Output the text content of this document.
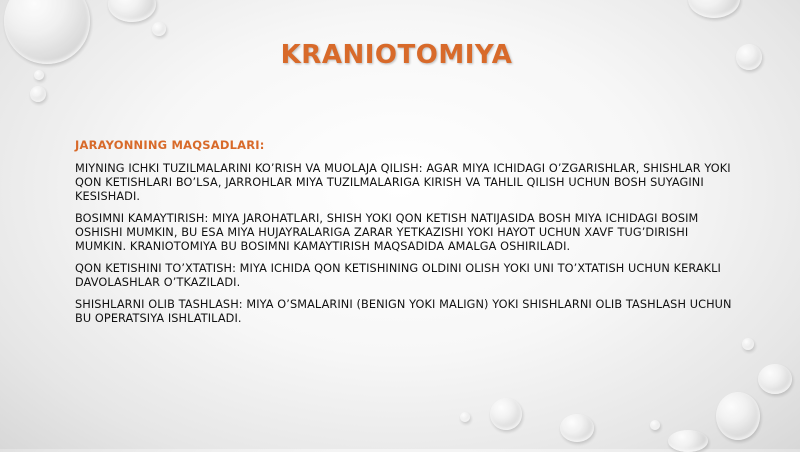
KRANIOTOMIYA

JARAYONNING MAQSADLARI:

MIYNING ICHKI TUZILMALARINI KO’RISH VA MUOLAJA QILISH: AGAR MIYA ICHIDAGI O’ZGARISHLAR, SHISHLAR YOKI QON KETISHLARI BO’LSA, JARROHLAR MIYA TUZILMALARIGA KIRISH VA TAHLIL QILISH UCHUN BOSH SUYAGINI KESISHADI.

BOSIMNI KAMAYTIRISH: MIYA JAROHATLARI, SHISH YOKI QON KETISH NATIJASIDA BOSH MIYA ICHIDAGI BOSIM OSHISHI MUMKIN, BU ESA MIYA HUJAYRALARIGA ZARAR YETKAZISHI YOKI HAYOT UCHUN XAVF TUG’DIRISHI MUMKIN. KRANIOTOMIYA BU BOSIMNI KAMAYTIRISH MAQSADIDA AMALGA OSHIRILADI.

QON KETISHINI TO’XTATISH: MIYA ICHIDA QON KETISHINING OLDINI OLISH YOKI UNI TO’XTATISH UCHUN KERAKLI DAVOLASHLAR O’TKAZILADI.

SHISHLARNI OLIB TASHLASH: MIYA O’SMALARINI (BENIGN YOKI MALIGN) YOKI SHISHLARNI OLIB TASHLASH UCHUN BU OPERATSIYA ISHLATILADI.
